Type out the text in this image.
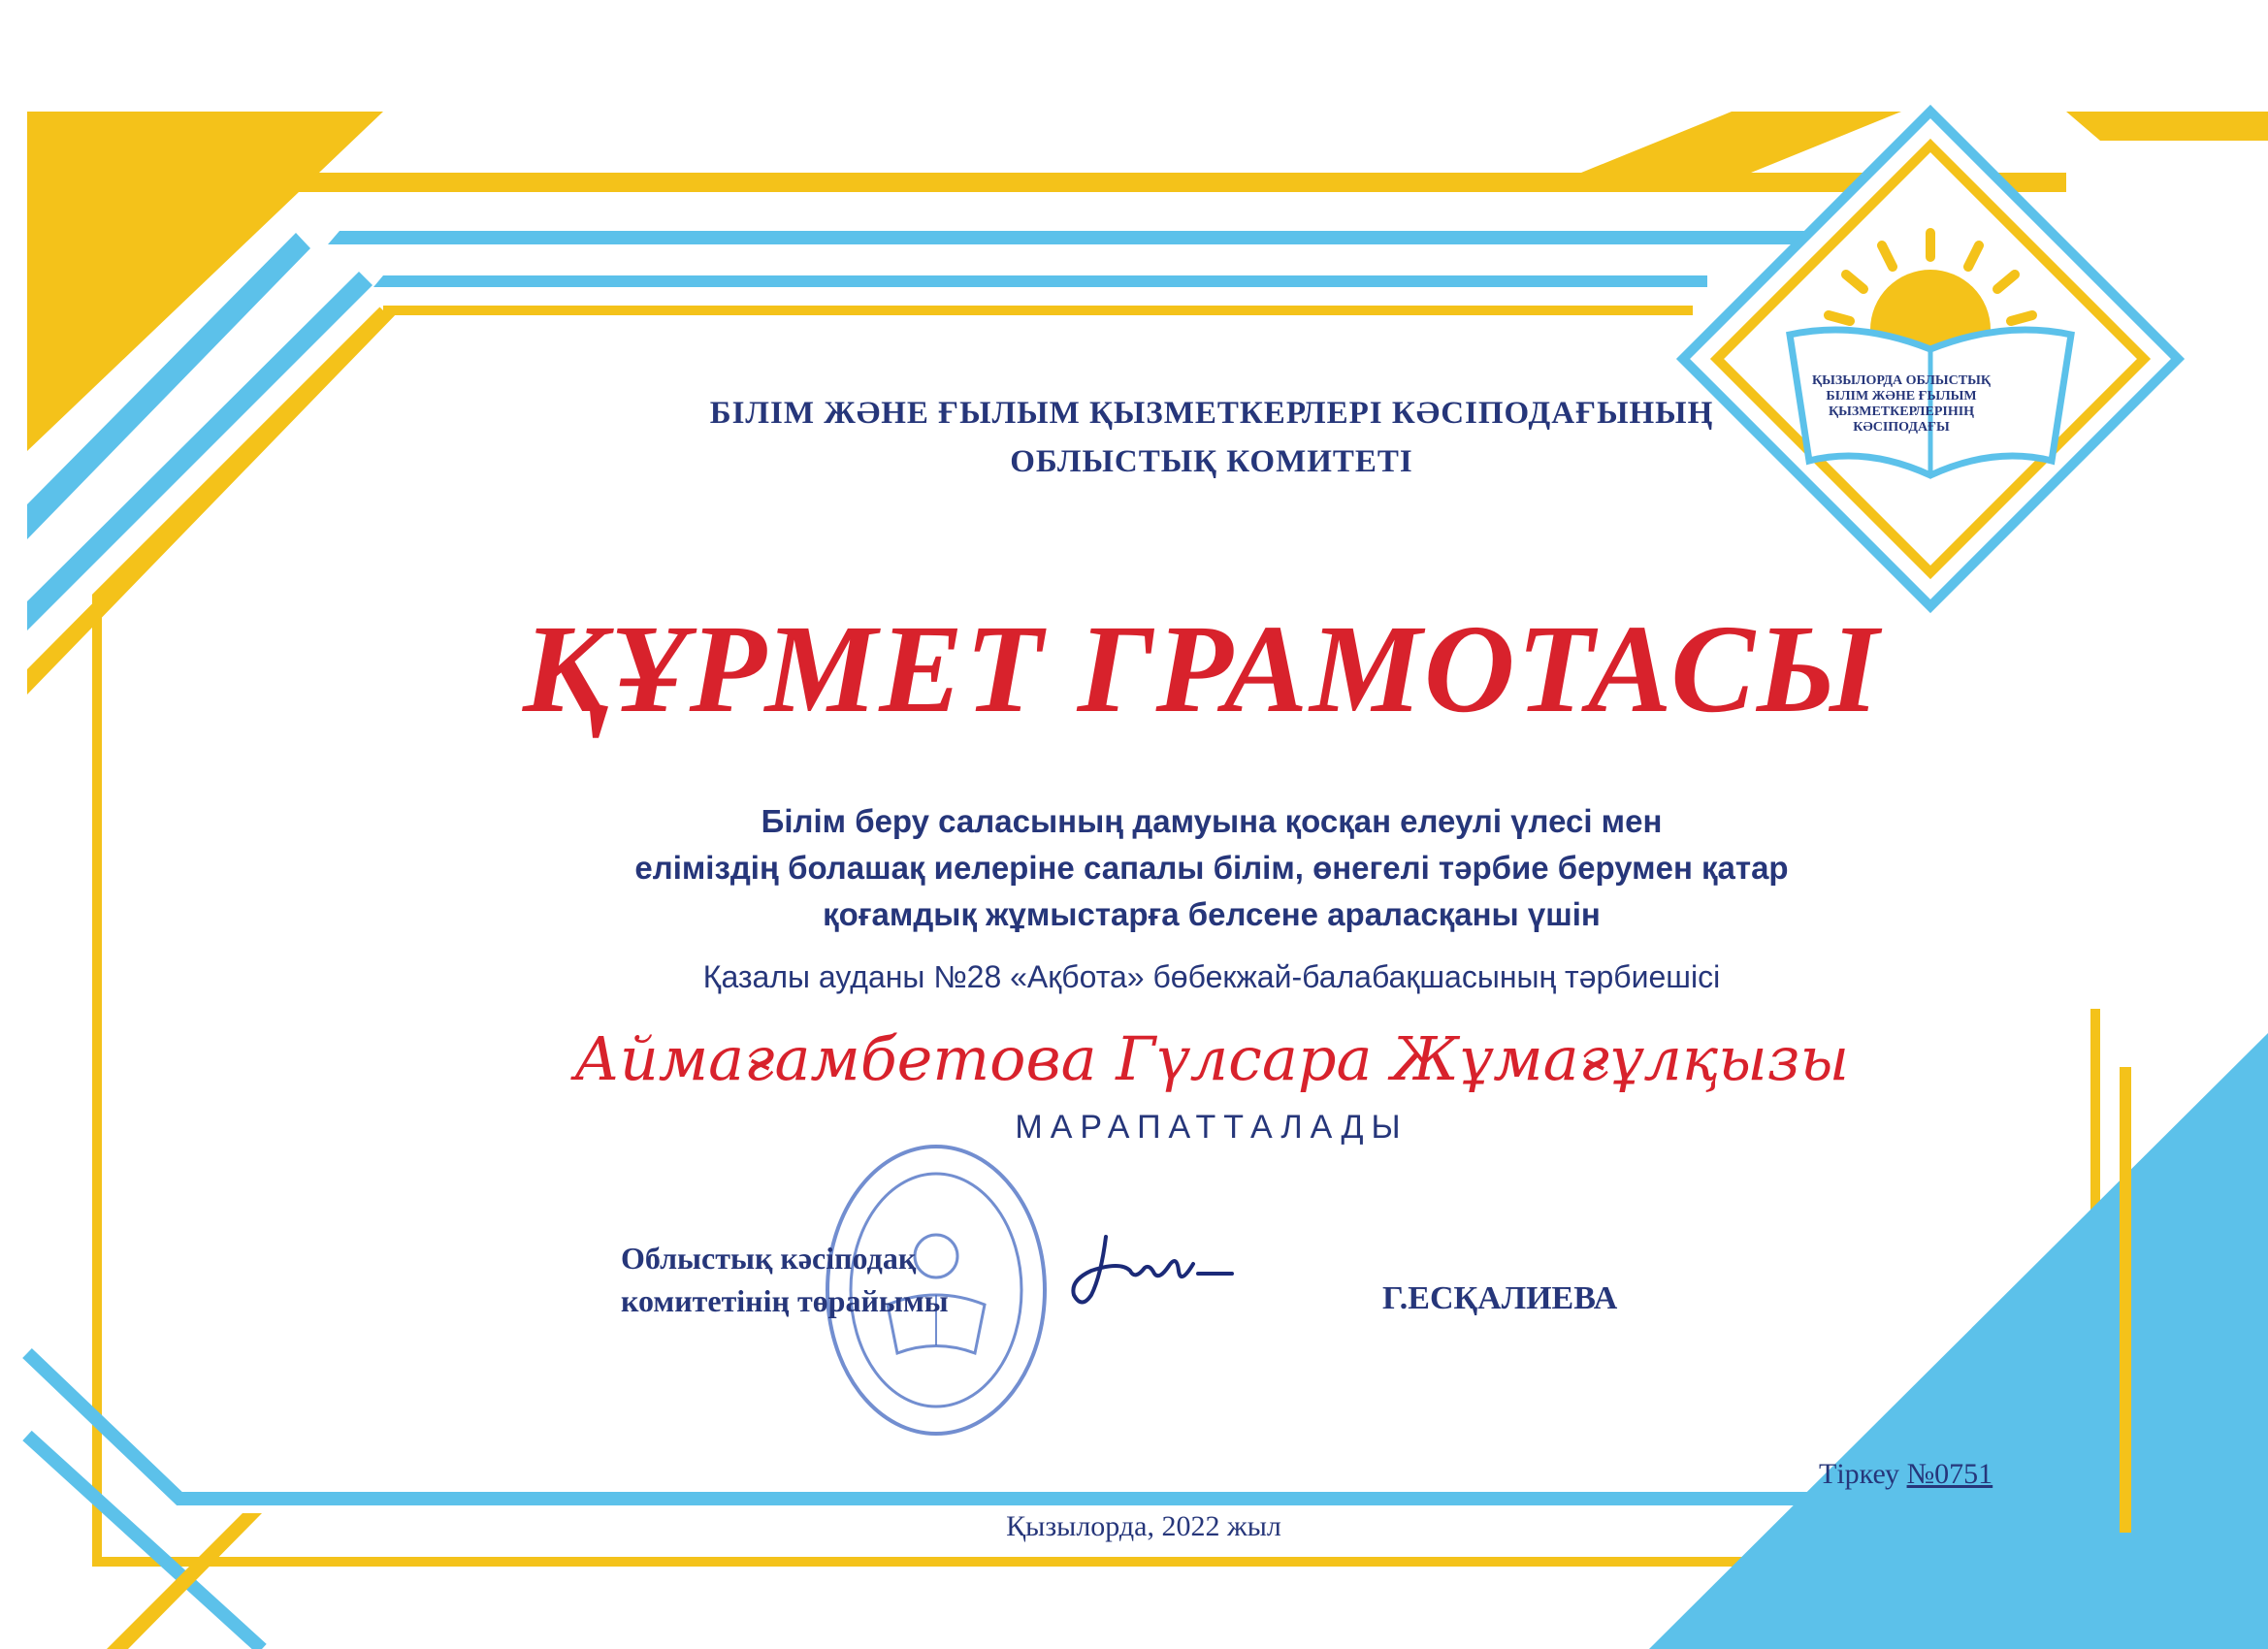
ҚЫЗЫЛОРДА ОБЛЫСТЫҚ
БІЛІМ ЖӘНЕ ҒЫЛЫМ
ҚЫЗМЕТКЕРЛЕРІНІҢ
КӘСІПОДАҒЫ
БІЛІМ ЖӘНЕ ҒЫЛЫМ ҚЫЗМЕТКЕРЛЕРІ КӘСІПОДАҒЫНЫҢ
ОБЛЫСТЫҚ КОМИТЕТІ
ҚҰРМЕТ ГРАМОТАСЫ
Білім беру саласының дамуына қосқан елеулі үлесі мен
еліміздің болашақ иелеріне сапалы білім, өнегелі тәрбие берумен қатар
қоғамдық жұмыстарға белсене араласқаны үшін
Қазалы ауданы №28 «Ақбота» бөбекжай-балабақшасының тәрбиешісі
Аймағамбетова Гүлсара Жұмағұлқызы
МАРАПАТТАЛАДЫ
Облыстық кәсіподақ
комитетінің төрайымы	Г.ЕСҚАЛИЕВА
Тіркеу №0751
Қызылорда, 2022 жыл
